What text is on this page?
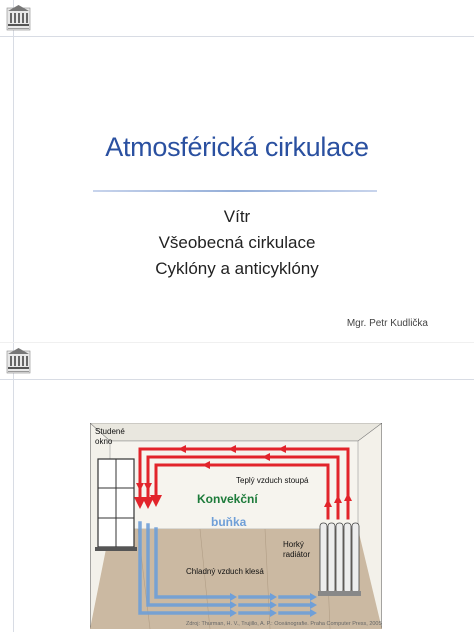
Atmosférická cirkulace
Vítr
Všeobecná cirkulace
Cyklóny a anticyklóny
Mgr. Petr Kudlička
Studené
okno
Teplý vzduch stoupá
Konvekční
buňka
Horký
radiátor
Chladný vzduch klesá
Zdroj: Thurman, H. V., Trujillo, A. P.: Oceánografie. Praha Computer Press, 2005
